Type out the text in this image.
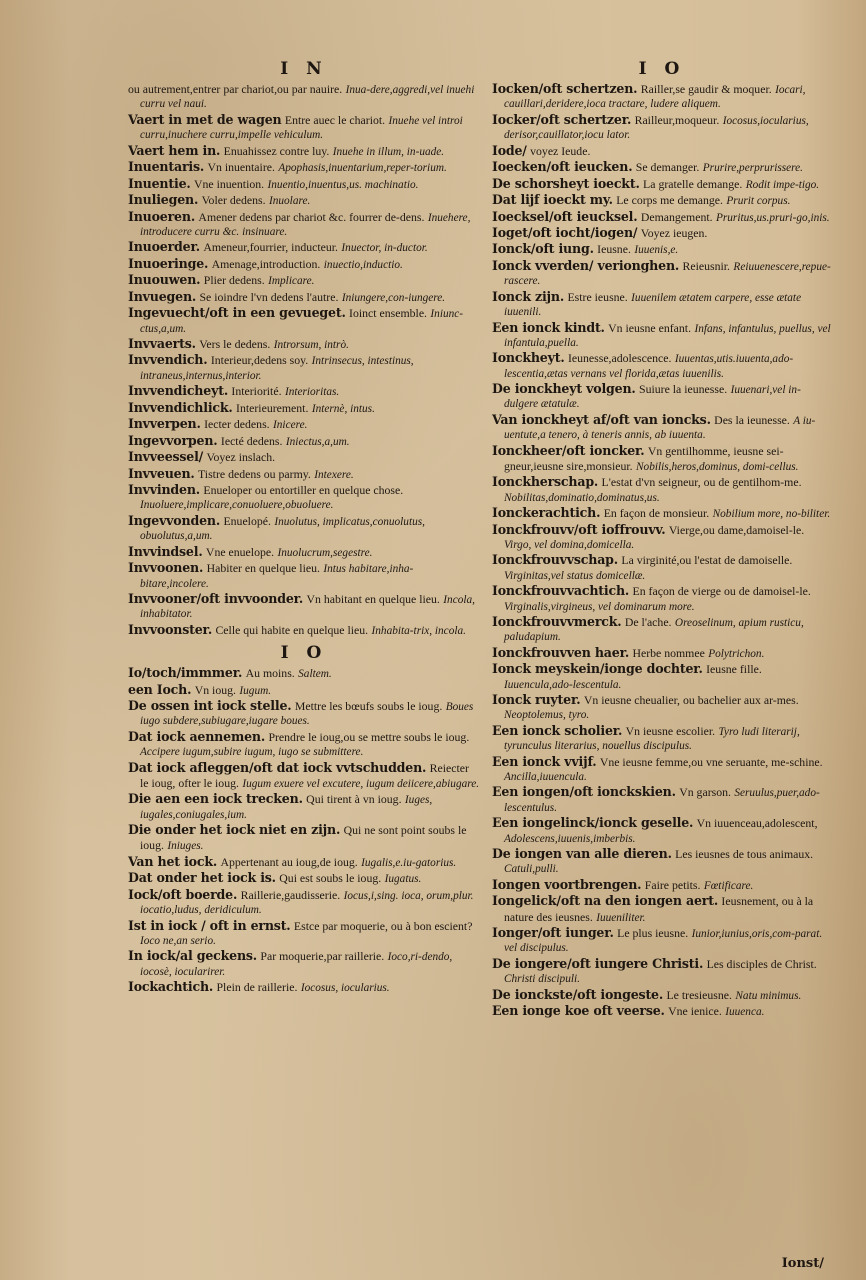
I N

ou autrement,entrer par chariot,ou par nauire. Inua-dere,aggredi,vel inuehi curru vel naui.

Vaert in met de wagen Entre auec le chariot. Inuehe vel introi curru,inuchere curru,impelle vehiculum.

Vaert hem in. Enuahissez contre luy. Inuehe in illum, in-uade.

Inuentaris. Vn inuentaire. Apophasis,inuentarium,reper-torium.

Inuentie. Vne inuention. Inuentio,inuentus,us. machinatio.

Inuliegen. Voler dedens. Inuolare.

Inuoeren. Amener dedens par chariot &c. fourrer de-dens. Inuehere, introducere curru &c. insinuare.

Inuoerder. Ameneur,fourrier, inducteur. Inuector, in-ductor.

Inuoeringe. Amenage,introduction. inuectio,inductio.

Inuouwen. Plier dedens. Implicare.

Invuegen. Se ioindre l'vn dedens l'autre. Iniungere,con-iungere.

Ingevuecht/oft in een gevueget. Ioinct ensemble. Iniunc-ctus,a,um.

Invvaerts. Vers le dedens. Introrsum, intrò.

Invvendich. Interieur,dedens soy. Intrinsecus, intestinus, intraneus,internus,interior.

Invvendicheyt. Interiorité. Interioritas.

Invvendichlick. Interieurement. Internè, intus.

Invverpen. Iecter dedens. Inicere.

Ingevvorpen. Iecté dedens. Iniectus,a,um.

Invveessel/ Voyez inslach.

Invveuen. Tistre dedens ou parmy. Intexere.

Invvinden. Enueloper ou entortiller en quelque chose. Inuoluere,implicare,conuoluere,obuoluere.

Ingevvonden. Enuelopé. Inuolutus, implicatus,conuolutus, obuolutus,a,um.

Invvindsel. Vne enuelope. Inuolucrum,segestre.

Invvoonen. Habiter en quelque lieu. Intus habitare,inha-bitare,incolere.

Invvooner/oft invvoonder. Vn habitant en quelque lieu. Incola, inhabitator.

Invvoonster. Celle qui habite en quelque lieu. Inhabita-trix, incola.

I O

Io/toch/immmer. Au moins. Saltem.

een Ioch. Vn ioug. Iugum.

De ossen int iock stelle. Mettre les bœufs soubs le ioug. Boues iugo subdere,subiugare,iugare boues.

Dat iock aennemen. Prendre le ioug,ou se mettre soubs le ioug. Accipere iugum,subire iugum, iugo se submittere.

Dat iock afleggen/oft dat iock vvtschudden. Reiecter le ioug, ofter le ioug. Iugum exuere vel excutere, iugum deiicere,abiugare.

Die aen een iock trecken. Qui tirent à vn ioug. Iuges, iugales,coniugales,ium.

Die onder het iock niet en zijn. Qui ne sont point soubs le ioug. Iniuges.

Van het iock. Appertenant au ioug,de ioug. Iugalis,e.iu-gatorius.

Dat onder het iock is. Qui est soubs le ioug. Iugatus.

Iock/oft boerde. Raillerie,gaudisserie. Iocus,i,sing. ioca, orum,plur. iocatio,ludus, deridiculum.

Ist in iock / oft in ernst. Estce par moquerie, ou à bon escient? Ioco ne,an serio.

In iock/al geckens. Par moquerie,par raillerie. Ioco,ri-dendo, iocosè, iocularirer.

Iockachtich. Plein de raillerie. Iocosus, iocularius.

I O

Iocken/oft schertzen. Railler,se gaudir & moquer. Iocari, cauillari,deridere,ioca tractare, ludere aliquem.

Iocker/oft schertzer. Railleur,moqueur. Iocosus,iocularius, derisor,cauillator,iocu lator.

Iode/ voyez Ieude.

Ioecken/oft ieucken. Se demanger. Prurire,perprurissere.

De schorsheyt ioeckt. La gratelle demange. Rodit impe-tigo.

Dat lijf ioeckt my. Le corps me demange. Prurit corpus.

Ioecksel/oft ieucksel. Demangement. Pruritus,us.pruri-go,inis.

Ioget/oft iocht/iogen/ Voyez ieugen.

Ionck/oft iung. Ieusne. Iuuenis,e.

Ionck vverden/ verionghen. Reieusnir. Reiuuenescere,repue-rascere.

Ionck zijn. Estre ieusne. Iuuenilem ætatem carpere, esse ætate iuuenili.

Een ionck kindt. Vn ieusne enfant. Infans, infantulus, puellus, vel infantula,puella.

Ionckheyt. Ieunesse,adolescence. Iuuentas,utis.iuuenta,ado-lescentia,ætas vernans vel florida,ætas iuuenilis.

De ionckheyt volgen. Suiure la ieunesse. Iuuenari,vel in-dulgere ætatulæ.

Van ionckheyt af/oft van ioncks. Des la ieunesse. A iu-uentute,a tenero, à teneris annis, ab iuuenta.

Ionckheer/oft ioncker. Vn gentilhomme, ieusne sei-gneur,ieusne sire,monsieur. Nobilis,heros,dominus, domi-cellus.

Ionckherschap. L'estat d'vn seigneur, ou de gentilhom-me. Nobilitas,dominatio,dominatus,us.

Ionckerachtich. En façon de monsieur. Nobilium more, no-biliter.

Ionckfrouvv/oft ioffrouvv. Vierge,ou dame,damoisel-le. Virgo, vel domina,domicella.

Ionckfrouvvschap. La virginité,ou l'estat de damoiselle. Virginitas,vel status domicellæ.

Ionckfrouvvachtich. En façon de vierge ou de damoisel-le. Virginalis,virgineus, vel dominarum more.

Ionckfrouvvmerck. De l'ache. Oreoselinum, apium rusticu, paludapium.

Ionckfrouvven haer. Herbe nommee Polytrichon.

Ionck meyskein/ionge dochter. Ieusne fille. Iuuencula,ado-lescentula.

Ionck ruyter. Vn ieusne cheualier, ou bachelier aux ar-mes. Neoptolemus, tyro.

Een ionck scholier. Vn ieusne escolier. Tyro ludi literarij, tyrunculus literarius, nouellus discipulus.

Een ionck vvijf. Vne ieusne femme,ou vne seruante, me-schine. Ancilla,iuuencula.

Een iongen/oft ionckskien. Vn garson. Seruulus,puer,ado-lescentulus.

Een iongelinck/ionck geselle. Vn iuuenceau,adolescent, Adolescens,iuuenis,imberbis.

De iongen van alle dieren. Les ieusnes de tous animaux. Catuli,pulli.

Iongen voortbrengen. Faire petits. Fœtificare.

Iongelick/oft na den iongen aert. Ieusnement, ou à la nature des ieusnes. Iuueniliter.

Ionger/oft iunger. Le plus ieusne. Iunior,iunius,oris,com-parat. vel discipulus.

De iongere/oft iungere Christi. Les disciples de Christ. Christi discipuli.

De ionckste/oft iongeste. Le tresieusne. Natu minimus.

Een ionge koe oft veerse. Vne ienice. Iuuenca.

Ionst/
